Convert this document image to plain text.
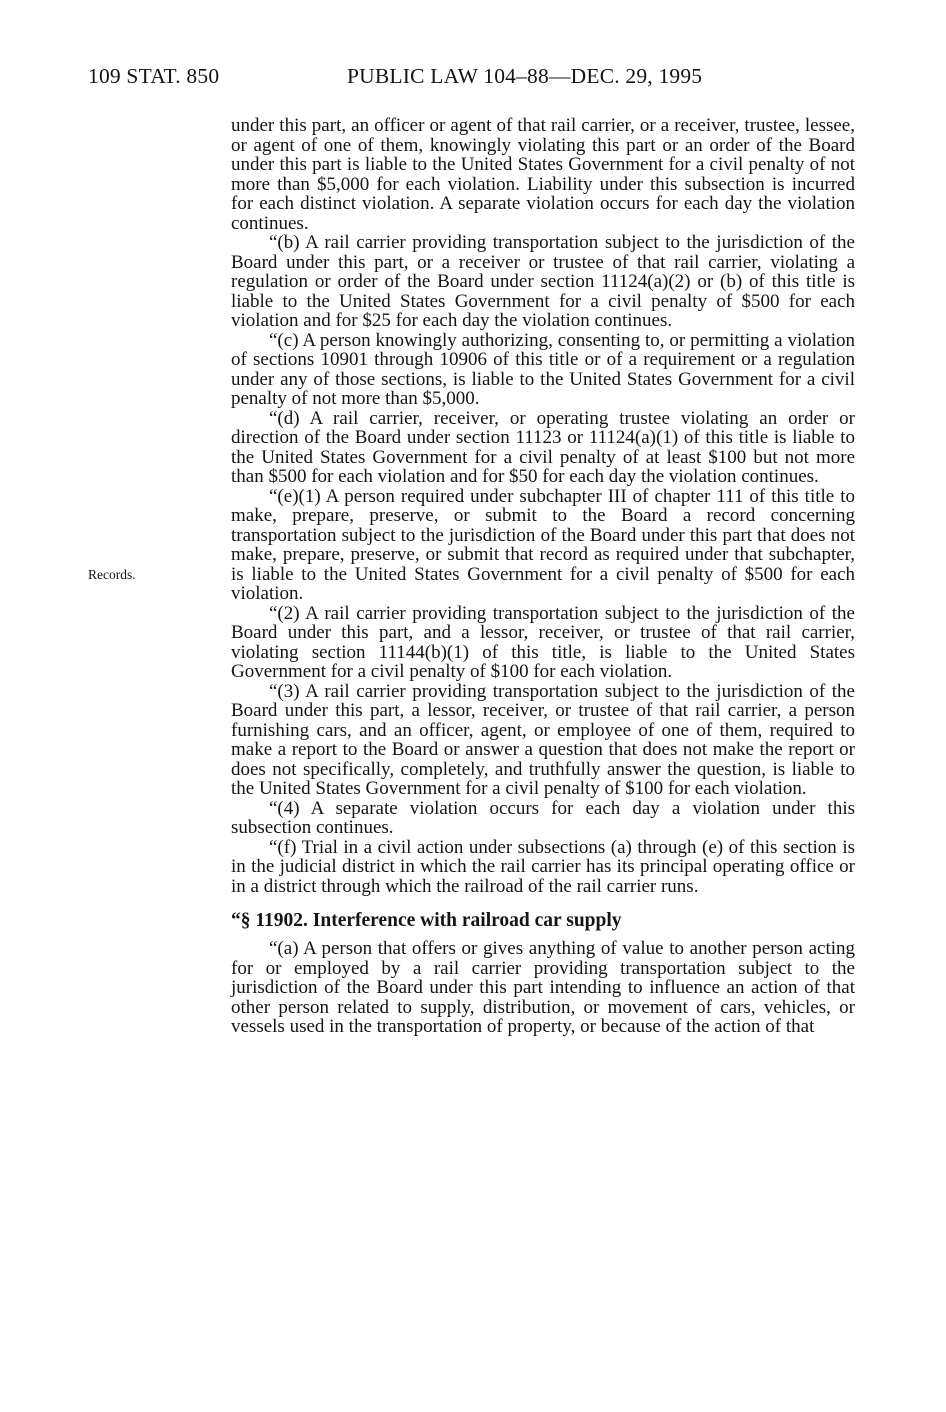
109 STAT. 850	PUBLIC LAW 104–88—DEC. 29, 1995
Records.

under this part, an officer or agent of that rail carrier, or a receiver, trustee, lessee, or agent of one of them, knowingly violating this part or an order of the Board under this part is liable to the United States Government for a civil penalty of not more than $5,000 for each violation. Liability under this subsection is incurred for each distinct violation. A separate violation occurs for each day the violation continues.

“(b) A rail carrier providing transportation subject to the jurisdiction of the Board under this part, or a receiver or trustee of that rail carrier, violating a regulation or order of the Board under section 11124(a)(2) or (b) of this title is liable to the United States Government for a civil penalty of $500 for each violation and for $25 for each day the violation continues.

“(c) A person knowingly authorizing, consenting to, or permitting a violation of sections 10901 through 10906 of this title or of a requirement or a regulation under any of those sections, is liable to the United States Government for a civil penalty of not more than $5,000.

“(d) A rail carrier, receiver, or operating trustee violating an order or direction of the Board under section 11123 or 11124(a)(1) of this title is liable to the United States Government for a civil penalty of at least $100 but not more than $500 for each violation and for $50 for each day the violation continues.

“(e)(1) A person required under subchapter III of chapter 111 of this title to make, prepare, preserve, or submit to the Board a record concerning transportation subject to the jurisdiction of the Board under this part that does not make, prepare, preserve, or submit that record as required under that subchapter, is liable to the United States Government for a civil penalty of $500 for each violation.

“(2) A rail carrier providing transportation subject to the jurisdiction of the Board under this part, and a lessor, receiver, or trustee of that rail carrier, violating section 11144(b)(1) of this title, is liable to the United States Government for a civil penalty of $100 for each violation.

“(3) A rail carrier providing transportation subject to the jurisdiction of the Board under this part, a lessor, receiver, or trustee of that rail carrier, a person furnishing cars, and an officer, agent, or employee of one of them, required to make a report to the Board or answer a question that does not make the report or does not specifically, completely, and truthfully answer the question, is liable to the United States Government for a civil penalty of $100 for each violation.

“(4) A separate violation occurs for each day a violation under this subsection continues.

“(f) Trial in a civil action under subsections (a) through (e) of this section is in the judicial district in which the rail carrier has its principal operating office or in a district through which the railroad of the rail carrier runs.

“§ 11902. Interference with railroad car supply

“(a) A person that offers or gives anything of value to another person acting for or employed by a rail carrier providing transportation subject to the jurisdiction of the Board under this part intending to influence an action of that other person related to supply, distribution, or movement of cars, vehicles, or vessels used in the transportation of property, or because of the action of that
